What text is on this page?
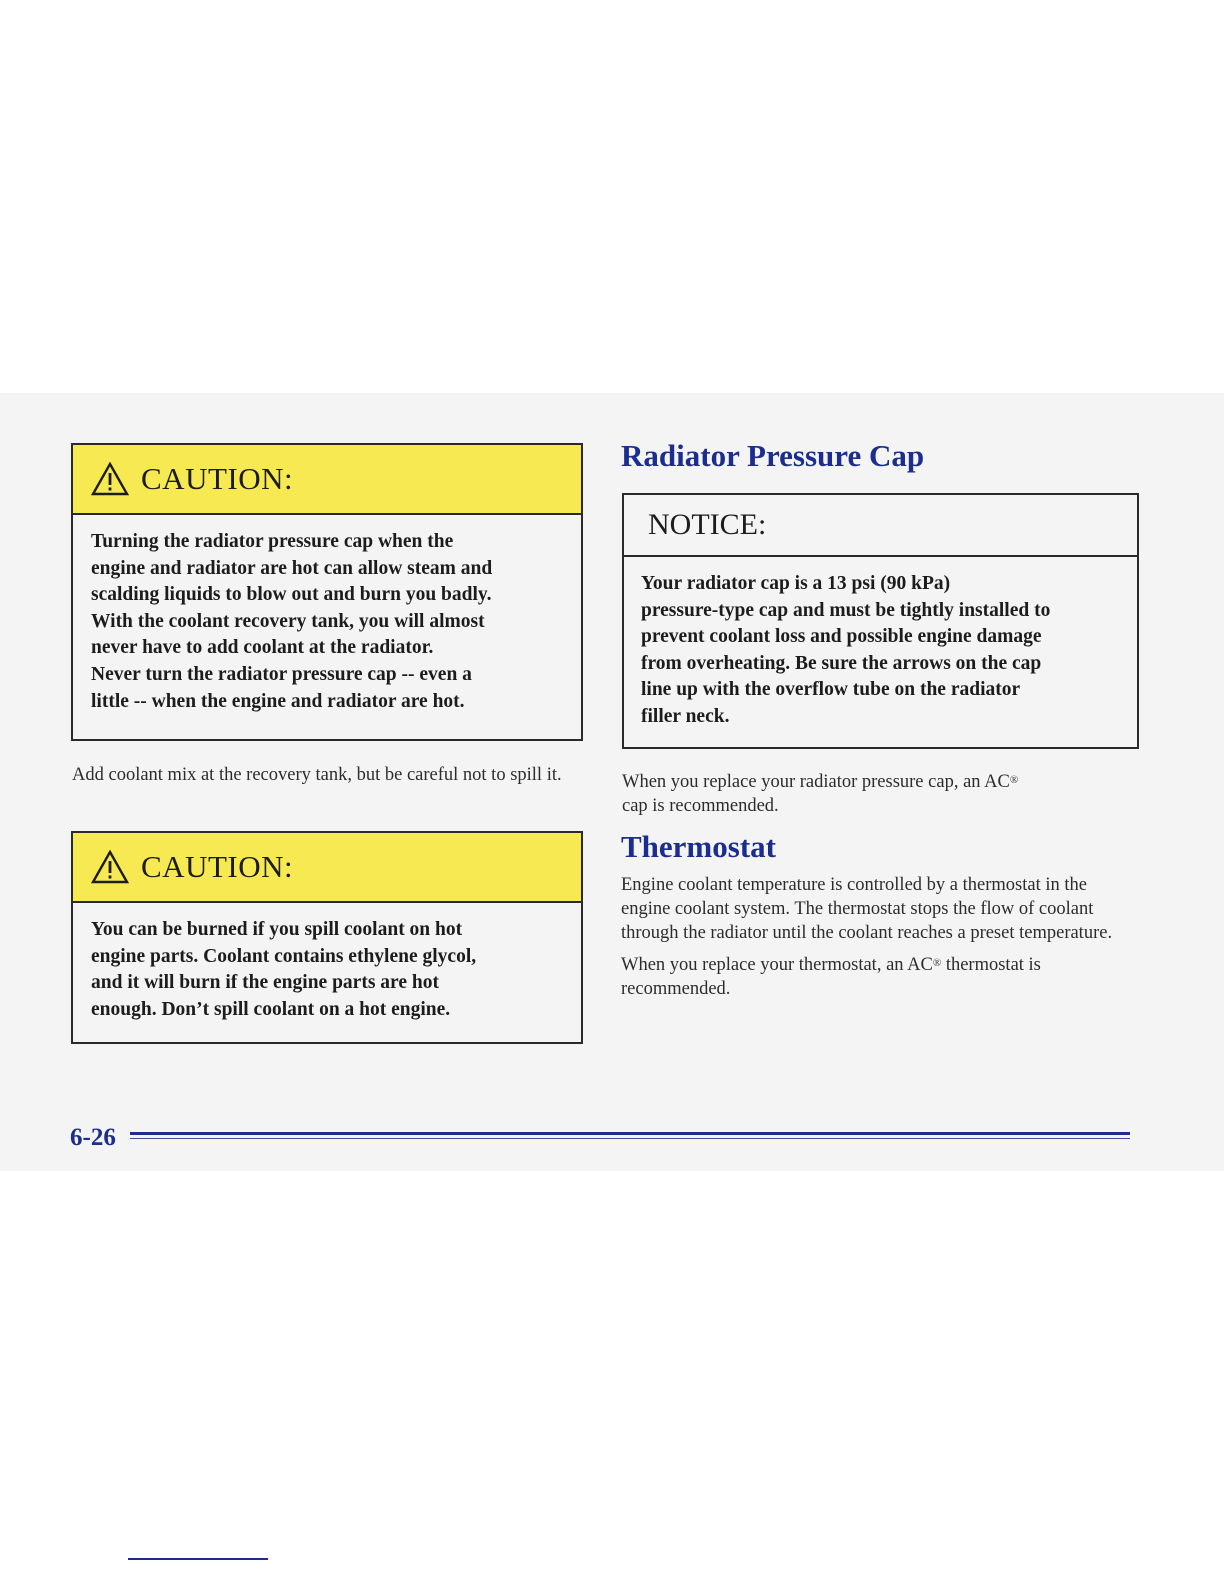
CAUTION:

Turning the radiator pressure cap when the

engine and radiator are hot can allow steam and

scalding liquids to blow out and burn you badly.

With the coolant recovery tank, you will almost

never have to add coolant at the radiator.

Never turn the radiator pressure cap -- even a

little -- when the engine and radiator are hot.

Add coolant mix at the recovery tank, but be careful not to spill it.

CAUTION:

You can be burned if you spill coolant on hot

engine parts. Coolant contains ethylene glycol,

and it will burn if the engine parts are hot

enough. Don’t spill coolant on a hot engine.

Radiator Pressure Cap
NOTICE:
Your radiator cap is a 13 psi (90 kPa)
pressure-type cap and must be tightly installed to
prevent coolant loss and possible engine damage
from overheating. Be sure the arrows on the cap
line up with the overflow tube on the radiator
filler neck.

When you replace your radiator pressure cap, an AC®
cap is recommended.

Thermostat

Engine coolant temperature is controlled by a thermostat in the engine coolant system. The thermostat stops the flow of coolant through the radiator until the coolant reaches a preset temperature.

When you replace your thermostat, an AC® thermostat is recommended.

6-26
